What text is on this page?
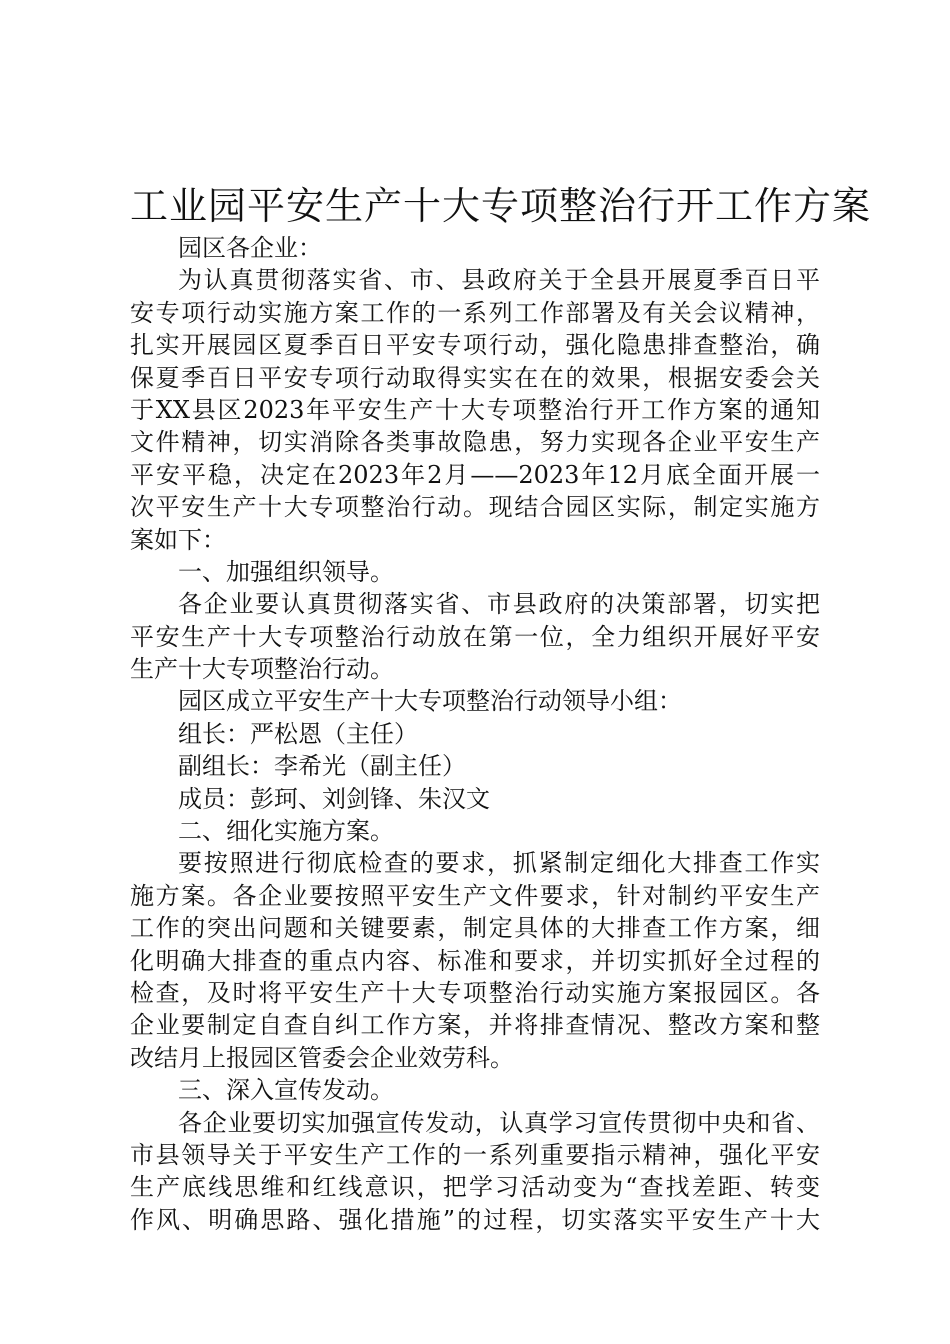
工业园平安生产十大专项整治行开工作方案
园区各企业：
为认真贯彻落实省、市、县政府关于全县开展夏季百日平
安专项行动实施方案工作的一系列工作部署及有关会议精神，
扎实开展园区夏季百日平安专项行动，强化隐患排查整治，确
保夏季百日平安专项行动取得实实在在的效果，根据安委会关
于XX县区2023年平安生产十大专项整治行开工作方案的通知
文件精神，切实消除各类事故隐患，努力实现各企业平安生产
平安平稳，决定在2023年2月——2023年12月底全面开展一
次平安生产十大专项整治行动。现结合园区实际，制定实施方
案如下：
一、加强组织领导。
各企业要认真贯彻落实省、市县政府的决策部署，切实把
平安生产十大专项整治行动放在第一位，全力组织开展好平安
生产十大专项整治行动。
园区成立平安生产十大专项整治行动领导小组：
组长：严松恩（主任）
副组长：李希光（副主任）
成员：彭珂、刘剑锋、朱汉文
二、细化实施方案。
要按照进行彻底检查的要求，抓紧制定细化大排查工作实
施方案。各企业要按照平安生产文件要求，针对制约平安生产
工作的突出问题和关键要素，制定具体的大排查工作方案，细
化明确大排查的重点内容、标准和要求，并切实抓好全过程的
检查，及时将平安生产十大专项整治行动实施方案报园区。各
企业要制定自查自纠工作方案，并将排查情况、整改方案和整
改结月上报园区管委会企业效劳科。
三、深入宣传发动。
各企业要切实加强宣传发动，认真学习宣传贯彻中央和省、
市县领导关于平安生产工作的一系列重要指示精神，强化平安
生产底线思维和红线意识，把学习活动变为“查找差距、转变
作风、明确思路、强化措施”的过程，切实落实平安生产十大
